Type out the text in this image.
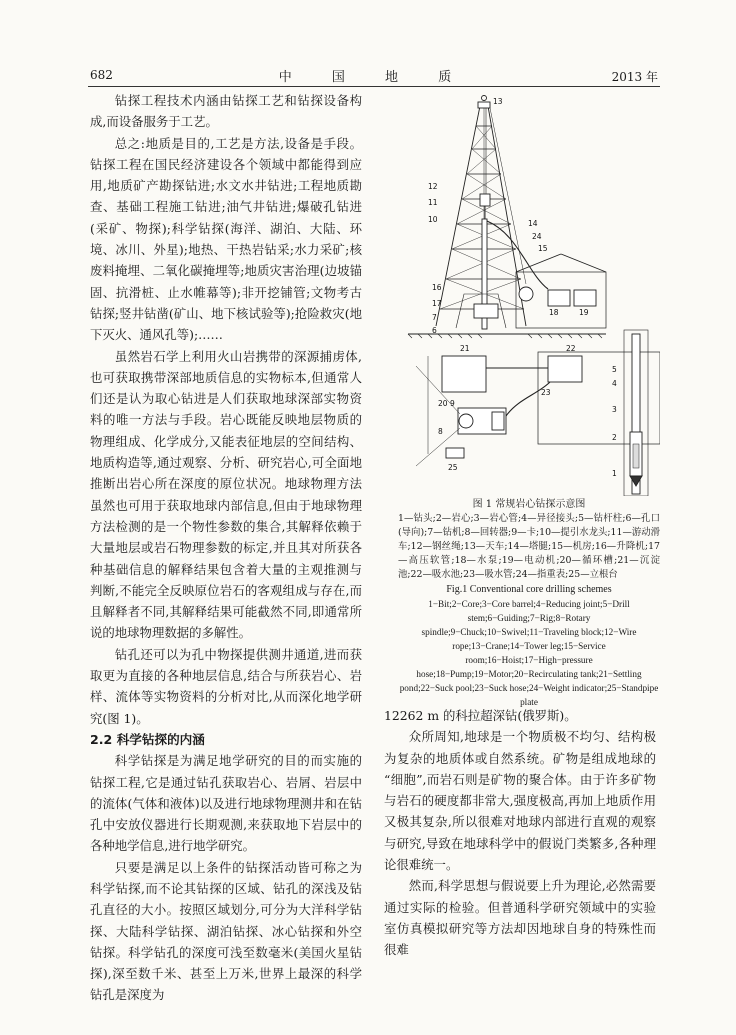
682	中 国 地 质	2013 年

钻探工程技术内涵由钻探工艺和钻探设备构成,而设备服务于工艺。

总之:地质是目的,工艺是方法,设备是手段。钻探工程在国民经济建设各个领域中都能得到应用,地质矿产勘探钻进;水文水井钻进;工程地质勘查、基础工程施工钻进;油气井钻进;爆破孔钻进(采矿、物探);科学钻探(海洋、湖泊、大陆、环境、冰川、外星);地热、干热岩钻采;水力采矿;核废料掩埋、二氧化碳掩埋等;地质灾害治理(边坡锚固、抗滑桩、止水帷幕等);非开挖铺管;文物考古钻探;竖井钻凿(矿山、地下核试验等);抢险救灾(地下灭火、通风孔等);……

虽然岩石学上利用火山岩携带的深源捕虏体,也可获取携带深部地质信息的实物标本,但通常人们还是认为取心钻进是人们获取地球深部实物资料的唯一方法与手段。岩心既能反映地层物质的物理组成、化学成分,又能表征地层的空间结构、地质构造等,通过观察、分析、研究岩心,可全面地推断出岩心所在深度的原位状况。地球物理方法虽然也可用于获取地球内部信息,但由于地球物理方法检测的是一个物性参数的集合,其解释依赖于大量地层或岩石物理参数的标定,并且其对所获各种基础信息的解释结果包含着大量的主观推测与判断,不能完全反映原位岩石的客观组成与存在,而且解释者不同,其解释结果可能截然不同,即通常所说的地球物理数据的多解性。

钻孔还可以为孔中物探提供测井通道,进而获取更为直接的各种地层信息,结合与所获岩心、岩样、流体等实物资料的分析对比,从而深化地学研究(图 1)。

2.2 科学钻探的内涵

科学钻探是为满足地学研究的目的而实施的钻探工程,它是通过钻孔获取岩心、岩屑、岩层中的流体(气体和液体)以及进行地球物理测井和在钻孔中安放仪器进行长期观测,来获取地下岩层中的各种地学信息,进行地学研究。

只要是满足以上条件的钻探活动皆可称之为科学钻探,而不论其钻探的区域、钻孔的深浅及钻孔直径的大小。按照区域划分,可分为大洋科学钻探、大陆科学钻探、湖泊钻探、冰心钻探和外空钻探。科学钻孔的深度可浅至数毫米(美国火星钻探),深至数千米、甚至上万米,世界上最深的科学钻孔是深度为

12262 m 的科拉超深钻(俄罗斯)。

众所周知,地球是一个物质极不均匀、结构极为复杂的地质体或自然系统。矿物是组成地球的 “细胞”,而岩石则是矿物的聚合体。由于许多矿物与岩石的硬度都非常大,强度极高,再加上地质作用又极其复杂,所以很难对地球内部进行直观的观察与研究,导致在地球科学中的假说门类繁多,各种理论很难统一。

然而,科学思想与假说要上升为理论,必然需要通过实际的检验。但普通科学研究领域中的实验室仿真模拟研究等方法却因地球自身的特殊性而很难

13
12
11
10	14
24
15
16
17
7
6
18	19
21	22
23
20
8
9
25
5
4
3
2
1
图 1 常规岩心钻探示意图
1—钻头;2—岩心;3—岩心管;4—异径接头;5—钻杆柱;6—孔口(导向);7—钻机;8—回转器;9—卡;10—提引水龙头;11—游动滑车;12—钢丝绳;13—天车;14—塔腿;15—机房;16—升降机;17—高压软管;18—水泵;19—电动机;20—循环槽;21—沉淀池;22—吸水池;23—吸水管;24—指重表;25—立根台
Fig.1 Conventional core drilling schemes
1−Bit;2−Core;3−Core barrel;4−Reducing joint;5−Drill stem;6−Guiding;7−Rig;8−Rotary spindle;9−Chuck;10−Swivel;11−Traveling block;12−Wire rope;13−Crane;14−Tower leg;15−Service room;16−Hoist;17−High−pressure hose;18−Pump;19−Motor;20−Recirculating tank;21−Settling pond;22−Suck pool;23−Suck hose;24−Weight indicator;25−Standpipe plate
